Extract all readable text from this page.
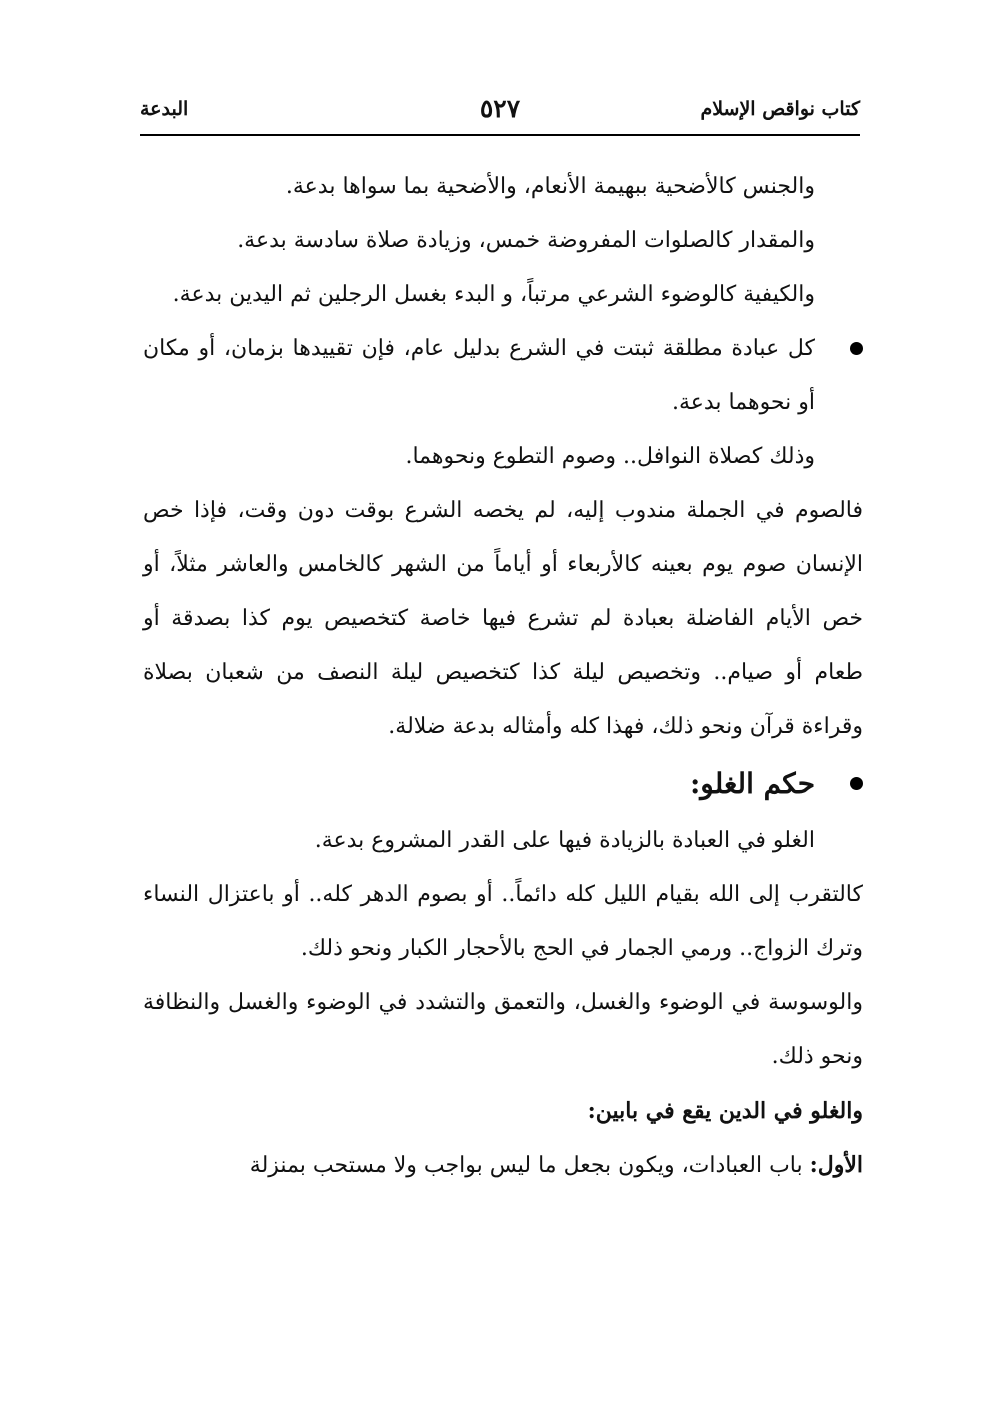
كتاب نواقص الإسلام
٥٢٧
البدعة

والجنس كالأضحية ببهيمة الأنعام، والأضحية بما سواها بدعة.

والمقدار كالصلوات المفروضة خمس، وزيادة صلاة سادسة بدعة.

والكيفية كالوضوء الشرعي مرتباً، و البدء بغسل الرجلين ثم اليدين بدعة.

كل عبادة مطلقة ثبتت في الشرع بدليل عام، فإن تقييدها بزمان، أو مكان أو نحوهما بدعة.

وذلك كصلاة النوافل.. وصوم التطوع ونحوهما.

فالصوم في الجملة مندوب إليه، لم يخصه الشرع بوقت دون وقت، فإذا خص الإنسان صوم يوم بعينه كالأربعاء أو أياماً من الشهر كالخامس والعاشر مثلاً، أو خص الأيام الفاضلة بعبادة لم تشرع فيها خاصة كتخصيص يوم كذا بصدقة أو طعام أو صيام.. وتخصيص ليلة كذا كتخصيص ليلة النصف من شعبان بصلاة وقراءة قرآن ونحو ذلك، فهذا كله وأمثاله بدعة ضلالة.

حكم الغلو:

الغلو في العبادة بالزيادة فيها على القدر المشروع بدعة.

كالتقرب إلى الله بقيام الليل كله دائماً.. أو بصوم الدهر كله.. أو باعتزال النساء وترك الزواج.. ورمي الجمار في الحج بالأحجار الكبار ونحو ذلك.

والوسوسة في الوضوء والغسل، والتعمق والتشدد في الوضوء والغسل والنظافة ونحو ذلك.

والغلو في الدين يقع في بابين:

الأول: باب العبادات، ويكون بجعل ما ليس بواجب ولا مستحب بمنزلة
